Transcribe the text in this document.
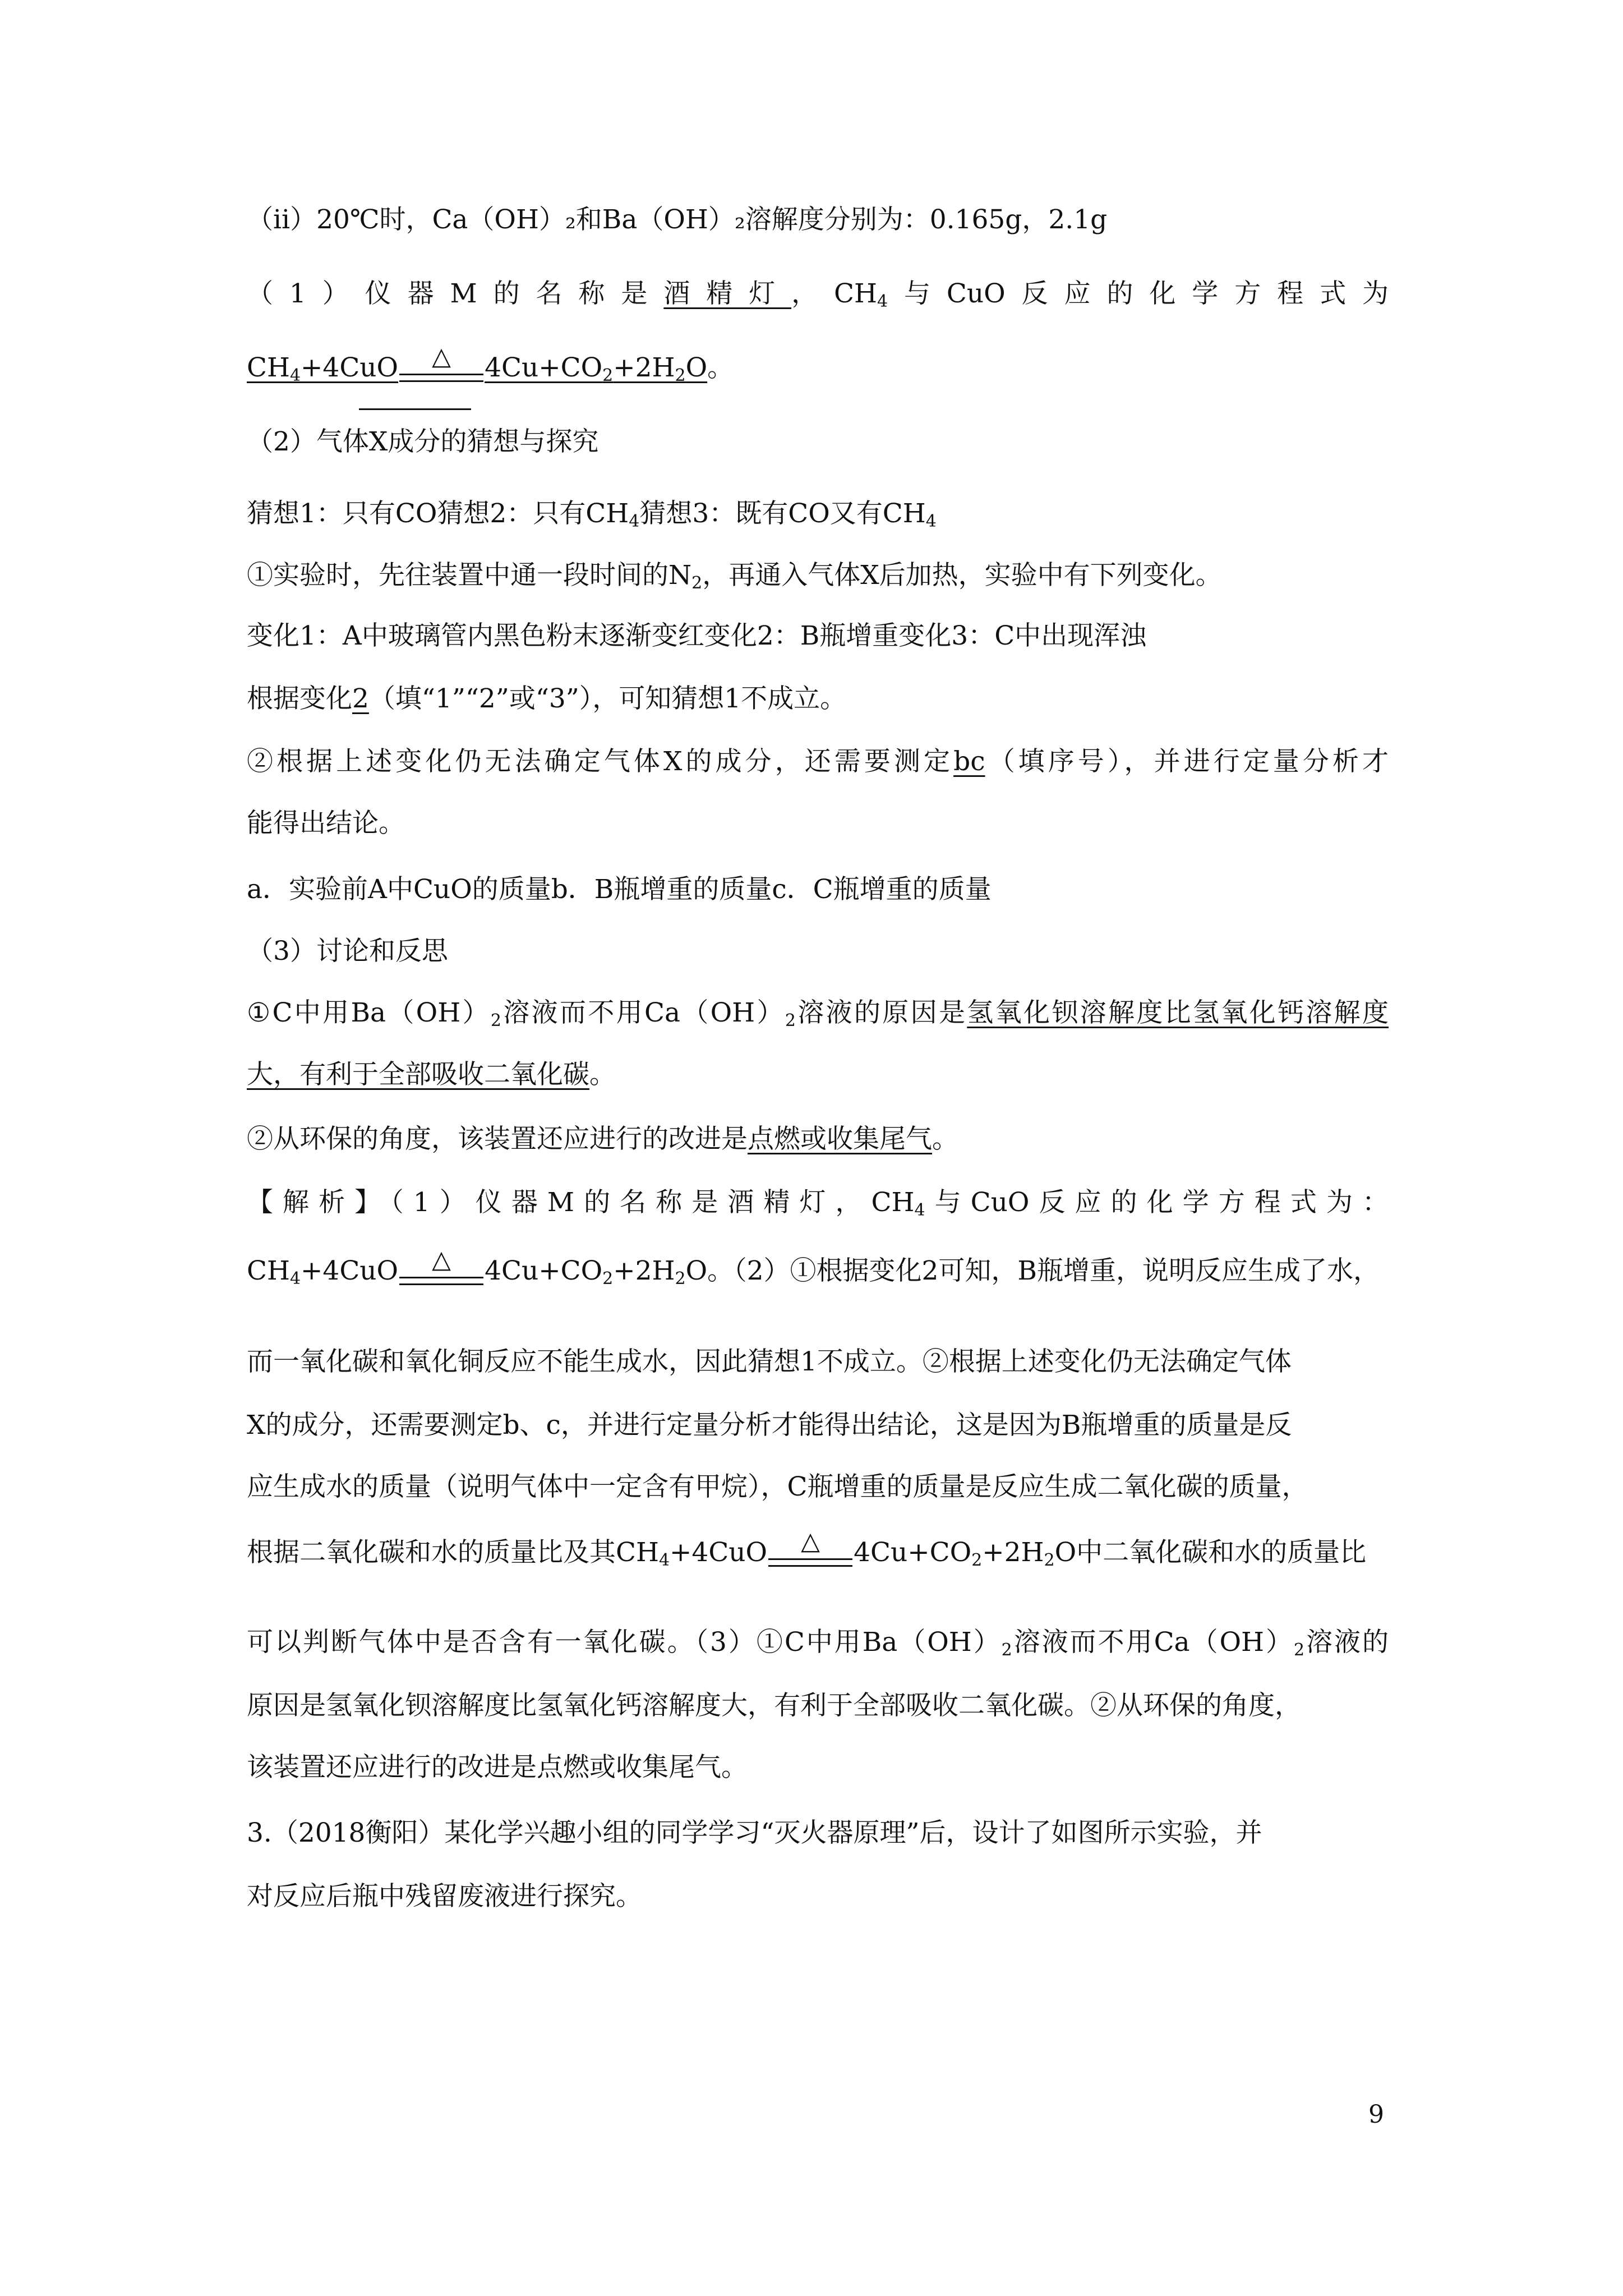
（ⅱ）20℃时，Ca（OH）₂和Ba（OH）₂溶解度分别为：0.165g，2.1g
（1）仪器M的名称是酒精灯，$CH_4$与CuO反应的化学方程式为
$CH_4+4CuO$ △ $4Cu+CO_2+2H_2O$。
（2）气体X成分的猜想与探究
猜想1：只有CO猜想2：只有$CH_4$猜想3：既有CO又有$CH_4$
①实验时，先往装置中通一段时间的$N_2$，再通入气体X后加热，实验中有下列变化。
变化1：A中玻璃管内黑色粉末逐渐变红变化2：B瓶增重变化3：C中出现浑浊
根据变化2（填“1”“2”或“3”），可知猜想1不成立。
②根据上述变化仍无法确定气体X的成分，还需要测定bc（填序号），并进行定量分析才
能得出结论。
a．实验前A中CuO的质量b．B瓶增重的质量c．C瓶增重的质量
（3）讨论和反思
①C中用$Ba(OH)_2$溶液而不用$Ca(OH)_2$溶液的原因是氢氧化钡溶解度比氢氧化钙溶解度
大，有利于全部吸收二氧化碳。
②从环保的角度，该装置还应进行的改进是点燃或收集尾气。
【解析】（1）仪器M的名称是酒精灯，$CH_4$与CuO反应的化学方程式为：
$CH_4+4CuO$ △ $4Cu+CO_2+2H_2O$。（2）①根据变化2可知，B瓶增重，说明反应生成了水，
而一氧化碳和氧化铜反应不能生成水，因此猜想1不成立。②根据上述变化仍无法确定气体
X的成分，还需要测定b、c，并进行定量分析才能得出结论，这是因为B瓶增重的质量是反
应生成水的质量（说明气体中一定含有甲烷），C瓶增重的质量是反应生成二氧化碳的质量，
根据二氧化碳和水的质量比及其$CH_4+4CuO$ △ $4Cu+CO_2+2H_2O$中二氧化碳和水的质量比
可以判断气体中是否含有一氧化碳。（3）①C中用$Ba(OH)_2$溶液而不用$Ca(OH)_2$溶液的
原因是氢氧化钡溶解度比氢氧化钙溶解度大，有利于全部吸收二氧化碳。②从环保的角度，
该装置还应进行的改进是点燃或收集尾气。
3.（2018衡阳）某化学兴趣小组的同学学习“灭火器原理”后，设计了如图所示实验，并
对反应后瓶中残留废液进行探究。
9
